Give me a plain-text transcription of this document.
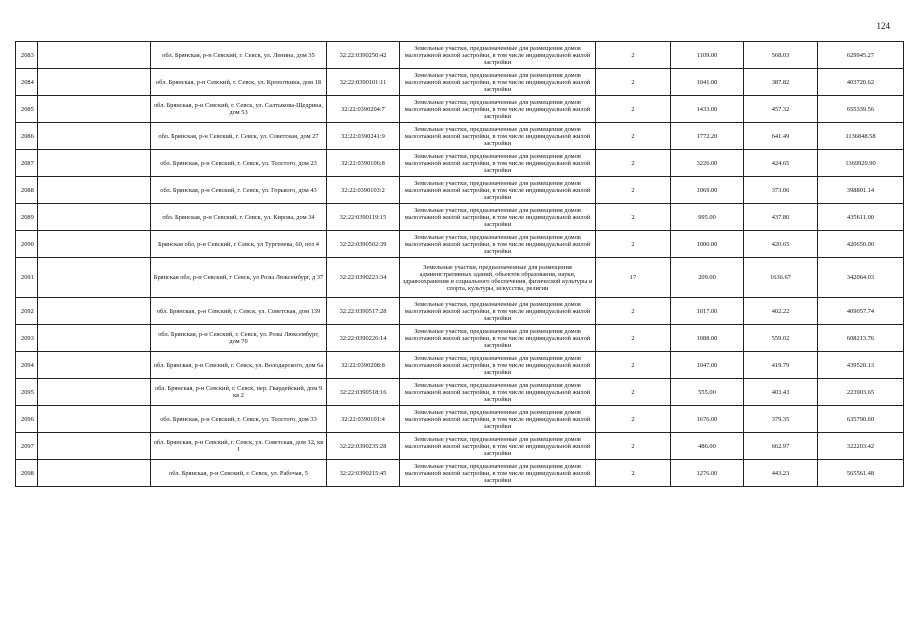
124
2083		обл. Брянская, р-н Севский, г. Севск, ул. Ленина, дом 35	32:22:0390250:42	Земельные участки, предназначенные для размещения домов малоэтажной жилой застройки, в том числе индивидуальной жилой застройки	2	1109.00	568.03	629945.27
2084		обл. Брянская, р-н Севский, г. Севск, ул. Кропоткина, дом 18	32:22:0390101:11	Земельные участки, предназначенные для размещения домов малоэтажной жилой застройки, в том числе индивидуальной жилой застройки	2	1041.00	387.82	403720.62
2085		обл. Брянская, р-н Севский, г. Севск, ул. Салтыкова-Щедрина, дом 53	32:22:0390204:7	Земельные участки, предназначенные для размещения домов малоэтажной жилой застройки, в том числе индивидуальной жилой застройки	2	1433.00	457.32	655339.56
2086		обл. Брянская, р-н Севский, г. Севск, ул. Советская, дом 27	32:22:0390241:9	Земельные участки, предназначенные для размещения домов малоэтажной жилой застройки, в том числе индивидуальной жилой застройки	2	1772.20	641.49	1136848.58
2087		обл. Брянская, р-н Севский, г. Севск, ул. Толстого, дом 23	32:22:0390106:8	Земельные участки, предназначенные для размещения домов малоэтажной жилой застройки, в том числе индивидуальной жилой застройки	2	3226.00	424.65	1369920.90
2088		обл. Брянская, р-н Севский, г. Севск, ул. Горького, дом 43	32:22:0390103:2	Земельные участки, предназначенные для размещения домов малоэтажной жилой застройки, в том числе индивидуальной жилой застройки	2	1069.00	373.06	398801.14
2089		обл. Брянская, р-н Севский, г. Севск, ул. Кирова, дом 34	32:22:0390119:15	Земельные участки, предназначенные для размещения домов малоэтажной жилой застройки, в том числе индивидуальной жилой застройки	2	995.00	437.80	435611.00
2090		Брянская обл, р-н Севский, г Севск, ул Тургенева, 60, поз 4	32:22:0390502:39	Земельные участки, предназначенные для размещения домов малоэтажной жилой застройки, в том числе индивидуальной жилой застройки	2	1000.00	420.65	420650.00
2091		Брянская обл, р-н Севский, г Севск, ул Розы Люксембург, д 37	32:22:0390223:34	Земельные участки, предназначенные для размещения административных зданий, объектов образования, науки, здравоохранения и социального обеспечения, физической культуры и спорта, культуры, искусства, религии	17	209.00	1636.67	342064.03
2092		обл. Брянская, р-н Севский, г. Севск, ул. Советская, дом 139	32:22:0390517:28	Земельные участки, предназначенные для размещения домов малоэтажной жилой застройки, в том числе индивидуальной жилой застройки	2	1017.00	402.22	409057.74
2093		обл. Брянская, р-н Севский, г. Севск, ул. Розы Люксембург, дом 70	32:22:0390226:14	Земельные участки, предназначенные для размещения домов малоэтажной жилой застройки, в том числе индивидуальной жилой застройки	2	1088.00	559.02	608213.76
2094		обл. Брянская, р-н Севский, г. Севск, ул. Володарского, дом 6а	32:22:0390208:8	Земельные участки, предназначенные для размещения домов малоэтажной жилой застройки, в том числе индивидуальной жилой застройки	2	1047.00	419.79	439520.13
2095		обл. Брянская, р-н Севский, г. Севск, пер. Гвардейский, дом 9 кв 2	32:22:0390518:16	Земельные участки, предназначенные для размещения домов малоэтажной жилой застройки, в том числе индивидуальной жилой застройки	2	555.00	403.43	223903.65
2096		обл. Брянская, р-н Севский, г. Севск, ул. Толстого, дом 33	32:22:0390101:4	Земельные участки, предназначенные для размещения домов малоэтажной жилой застройки, в том числе индивидуальной жилой застройки	2	1676.00	379.35	635790.60
2097		обл. Брянская, р-н Севский, г. Севск, ул. Советская, дом 12, кв 1	32:22:0390235:28	Земельные участки, предназначенные для размещения домов малоэтажной жилой застройки, в том числе индивидуальной жилой застройки	2	486.00	662.97	322203.42
2098		обл. Брянская, р-н Севский, г. Севск, ул. Рабочая, 5	32:22:0390215:45	Земельные участки, предназначенные для размещения домов малоэтажной жилой застройки, в том числе индивидуальной жилой застройки	2	1276.00	443.23	565561.48
